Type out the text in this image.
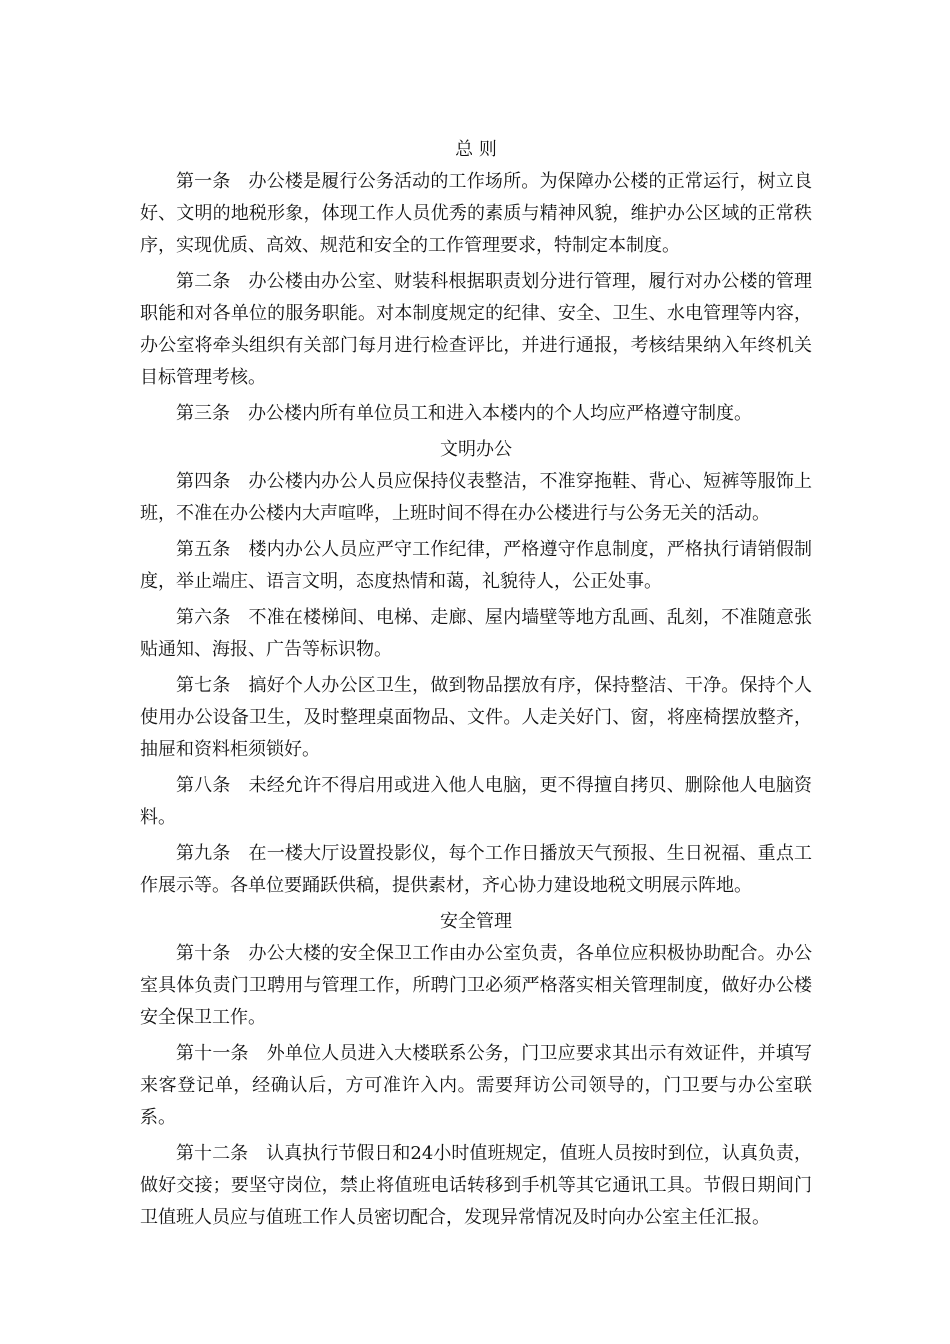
总 则

第一条 办公楼是履行公务活动的工作场所。为保障办公楼的正常运行，树立良好、文明的地税形象，体现工作人员优秀的素质与精神风貌，维护办公区域的正常秩序，实现优质、高效、规范和安全的工作管理要求，特制定本制度。

第二条 办公楼由办公室、财装科根据职责划分进行管理，履行对办公楼的管理职能和对各单位的服务职能。对本制度规定的纪律、安全、卫生、水电管理等内容，办公室将牵头组织有关部门每月进行检查评比，并进行通报，考核结果纳入年终机关目标管理考核。

第三条 办公楼内所有单位员工和进入本楼内的个人均应严格遵守制度。

文明办公

第四条 办公楼内办公人员应保持仪表整洁，不准穿拖鞋、背心、短裤等服饰上班，不准在办公楼内大声喧哗，上班时间不得在办公楼进行与公务无关的活动。

第五条 楼内办公人员应严守工作纪律，严格遵守作息制度，严格执行请销假制度，举止端庄、语言文明，态度热情和蔼，礼貌待人，公正处事。

第六条 不准在楼梯间、电梯、走廊、屋内墙壁等地方乱画、乱刻，不准随意张贴通知、海报、广告等标识物。

第七条 搞好个人办公区卫生，做到物品摆放有序，保持整洁、干净。保持个人使用办公设备卫生，及时整理桌面物品、文件。人走关好门、窗，将座椅摆放整齐，抽屉和资料柜须锁好。

第八条 未经允许不得启用或进入他人电脑，更不得擅自拷贝、删除他人电脑资料。

第九条 在一楼大厅设置投影仪，每个工作日播放天气预报、生日祝福、重点工作展示等。各单位要踊跃供稿，提供素材，齐心协力建设地税文明展示阵地。

安全管理

第十条 办公大楼的安全保卫工作由办公室负责，各单位应积极协助配合。办公室具体负责门卫聘用与管理工作，所聘门卫必须严格落实相关管理制度，做好办公楼安全保卫工作。

第十一条 外单位人员进入大楼联系公务，门卫应要求其出示有效证件，并填写来客登记单，经确认后，方可准许入内。需要拜访公司领导的，门卫要与办公室联系。

第十二条 认真执行节假日和24小时值班规定，值班人员按时到位，认真负责，做好交接；要坚守岗位，禁止将值班电话转移到手机等其它通讯工具。节假日期间门卫值班人员应与值班工作人员密切配合，发现异常情况及时向办公室主任汇报。
